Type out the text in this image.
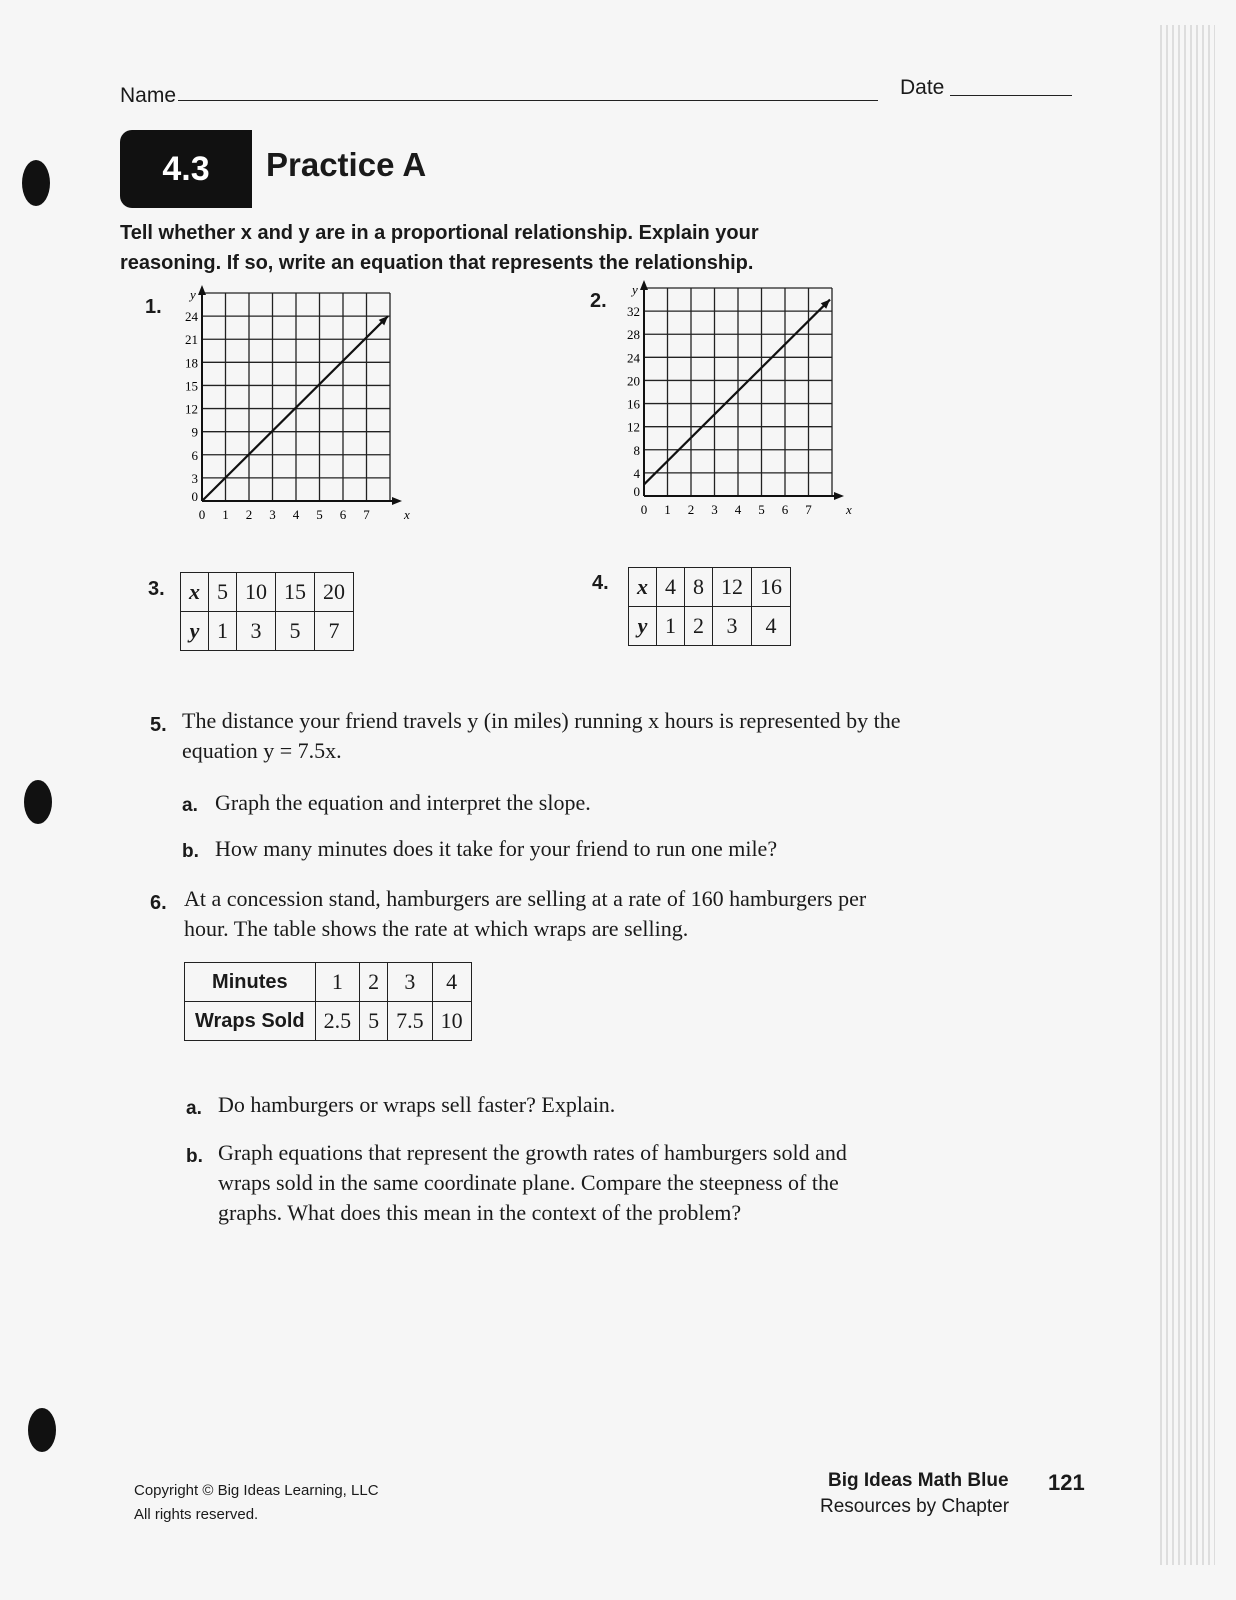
Name	Date
4.3	Practice A
Tell whether x and y are in a proportional relationship. Explain your reasoning. If so, write an equation that represents the relationship.
1.
0 1 2 3 4 5 6 7
0
3
6
9
12
15
18
21
24
x
y	2.
0 1 2 3 4 5 6 7
0
4
8
12
16
20
24
28
32
x
y
3. x	5	10	15	20
y	1	3	5	7
4. x	4	8	12	16
y	1	2	3	4
5. The distance your friend travels y (in miles) running x hours is represented by the equation y = 7.5x.
a. Graph the equation and interpret the slope.
b. How many minutes does it take for your friend to run one mile?
6. At a concession stand, hamburgers are selling at a rate of 160 hamburgers per hour. The table shows the rate at which wraps are selling.
Minutes	1	2	3	4
Wraps Sold	2.5	5	7.5	10
a. Do hamburgers or wraps sell faster? Explain.
b. Graph equations that represent the growth rates of hamburgers sold and wraps sold in the same coordinate plane. Compare the steepness of the graphs. What does this mean in the context of the problem?
Copyright © Big Ideas Learning, LLC
All rights reserved.
Big Ideas Math Blue
Resources by Chapter
121
